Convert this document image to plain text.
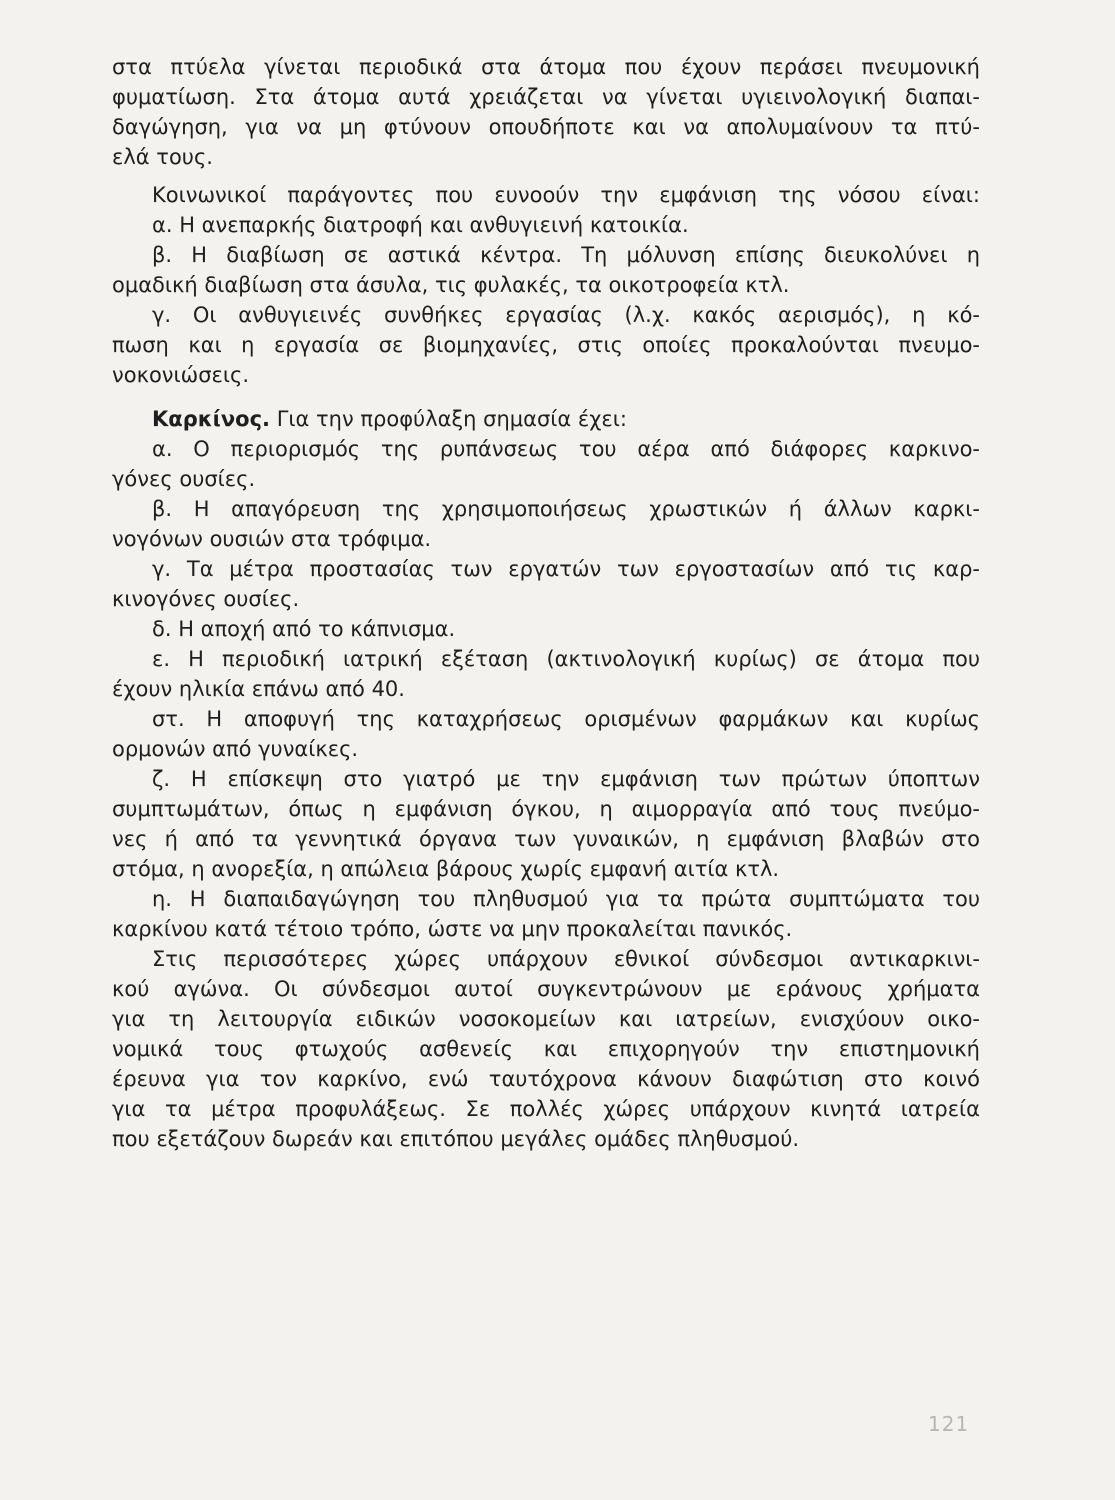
στα πτύελα γίνεται περιοδικά στα άτομα που έχουν περάσει πνευμονική

φυματίωση. Στα άτομα αυτά χρειάζεται να γίνεται υγιεινολογική διαπαι-

δαγώγηση, για να μη φτύνουν οπουδήποτε και να απολυμαίνουν τα πτύ-

ελά τους.

Κοινωνικοί παράγοντες που ευνοούν την εμφάνιση της νόσου είναι:

α. Η ανεπαρκής διατροφή και ανθυγιεινή κατοικία.

β. Η διαβίωση σε αστικά κέντρα. Τη μόλυνση επίσης διευκολύνει η

ομαδική διαβίωση στα άσυλα, τις φυλακές, τα οικοτροφεία κτλ.

γ. Οι ανθυγιεινές συνθήκες εργασίας (λ.χ. κακός αερισμός), η κό-

πωση και η εργασία σε βιομηχανίες, στις οποίες προκαλούνται πνευμο-

νοκονιώσεις.

Καρκίνος. Για την προφύλαξη σημασία έχει:

α. Ο περιορισμός της ρυπάνσεως του αέρα από διάφορες καρκινο-

γόνες ουσίες.

β. Η απαγόρευση της χρησιμοποιήσεως χρωστικών ή άλλων καρκι-

νογόνων ουσιών στα τρόφιμα.

γ. Τα μέτρα προστασίας των εργατών των εργοστασίων από τις καρ-

κινογόνες ουσίες.

δ. Η αποχή από το κάπνισμα.

ε. Η περιοδική ιατρική εξέταση (ακτινολογική κυρίως) σε άτομα που

έχουν ηλικία επάνω από 40.

στ. Η αποφυγή της καταχρήσεως ορισμένων φαρμάκων και κυρίως

ορμονών από γυναίκες.

ζ. Η επίσκεψη στο γιατρό με την εμφάνιση των πρώτων ύποπτων

συμπτωμάτων, όπως η εμφάνιση όγκου, η αιμορραγία από τους πνεύμο-

νες ή από τα γεννητικά όργανα των γυναικών, η εμφάνιση βλαβών στο

στόμα, η ανορεξία, η απώλεια βάρους χωρίς εμφανή αιτία κτλ.

η. Η διαπαιδαγώγηση του πληθυσμού για τα πρώτα συμπτώματα του

καρκίνου κατά τέτοιο τρόπο, ώστε να μην προκαλείται πανικός.

Στις περισσότερες χώρες υπάρχουν εθνικοί σύνδεσμοι αντικαρκινι-

κού αγώνα. Οι σύνδεσμοι αυτοί συγκεντρώνουν με εράνους χρήματα

για τη λειτουργία ειδικών νοσοκομείων και ιατρείων, ενισχύουν οικο-

νομικά τους φτωχούς ασθενείς και επιχορηγούν την επιστημονική

έρευνα για τον καρκίνο, ενώ ταυτόχρονα κάνουν διαφώτιση στο κοινό

για τα μέτρα προφυλάξεως. Σε πολλές χώρες υπάρχουν κινητά ιατρεία

που εξετάζουν δωρεάν και επιτόπου μεγάλες ομάδες πληθυσμού.

121
